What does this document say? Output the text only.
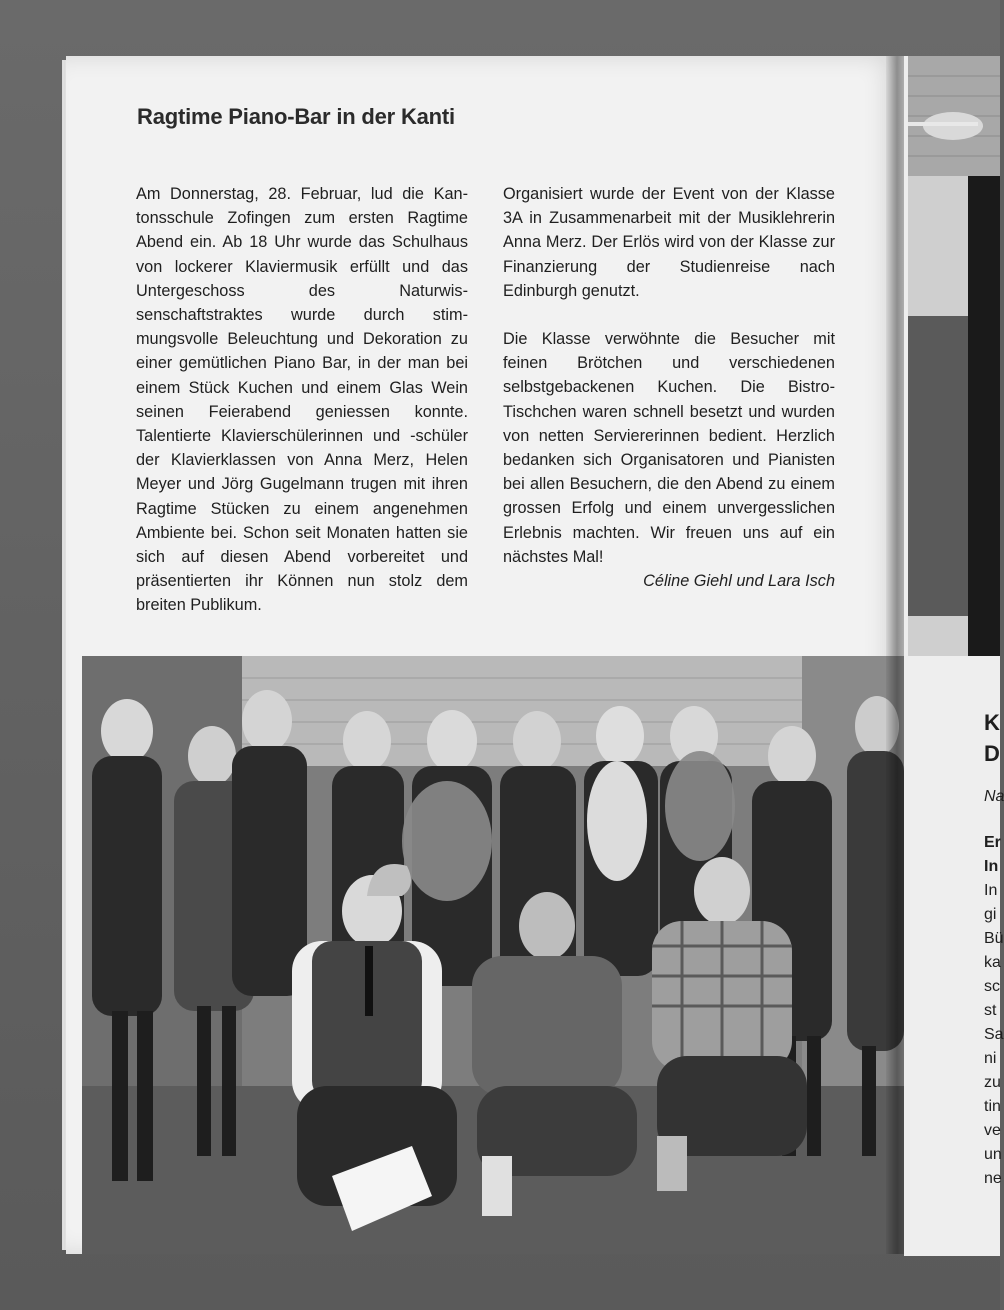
Ragtime Piano-Bar in der Kanti

Am Donnerstag, 28. Februar, lud die Kantonsschule Zofingen zum ersten Ragtime Abend ein. Ab 18 Uhr wurde das Schulhaus von lockerer Klaviermusik erfüllt und das Untergeschoss des Naturwissenschaftstraktes wurde durch stimmungsvolle Beleuchtung und Dekoration zu einer gemütlichen Piano Bar, in der man bei einem Stück Kuchen und einem Glas Wein seinen Feierabend geniessen konnte. Talentierte Klavierschülerinnen und -schüler der Klavierklassen von Anna Merz, Helen Meyer und Jörg Gugelmann trugen mit ihren Ragtime Stücken zu einem angenehmen Ambiente bei. Schon seit Monaten hatten sie sich auf diesen Abend vorbereitet und präsentierten ihr Können nun stolz dem breiten Publikum.

Organisiert wurde der Event von der Klasse 3A in Zusammenarbeit mit der Musiklehrerin Anna Merz. Der Erlös wird von der Klasse zur Finanzierung der Studienreise nach Edinburgh genutzt.

Die Klasse verwöhnte die Besucher mit feinen Brötchen und verschiedenen selbstgebackenen Kuchen. Die Bistro-Tischchen waren schnell besetzt und wurden von netten Serviererinnen bedient. Herzlich bedanken sich Organisatoren und Pianisten bei allen Besuchern, die den Abend zu einem grossen Erfolg und einem unvergesslichen Erlebnis machten. Wir freuen uns auf ein nächstes Mal!

Céline Giehl und Lara Isch
K
D
Na
Er
In
In
gi
Bü
ka
sc
st
Sa
ni
zu
tin
ve
un
ne
